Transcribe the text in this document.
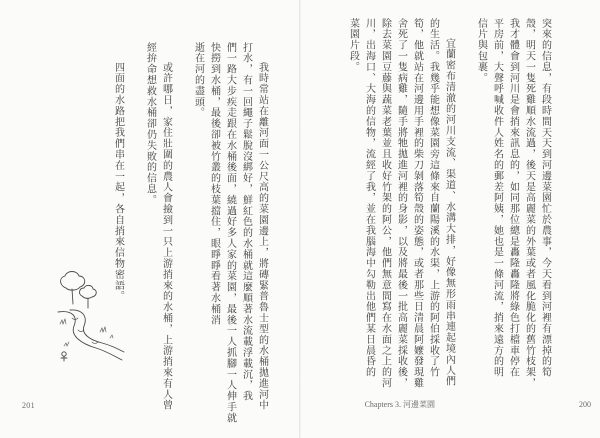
我時常站在離河面一公尺高的菜園邊上，將磚緊普魯士型的水桶拋進河中
打水，有一回繩子鬆脫沒綁好，鮮紅色的水桶就這麼順著水流載浮載沉，我
們一路大步疾走跟在水桶後面，繞過好多人家的菜園，最後一人抓腳一人伸手就
快撈到水桶，最後卻被竹叢的枝葉擋住，眼睜睜看著水桶消
逝在河的盡頭。
或許哪日，家住壯圍的農人會撿到一只上游捎來的水桶，上游捎來有人曾
經拚命想救水桶卻仍失敗的信息。
四面的水路把我們串在一起，各自捎來信物密語。
201
突來的信息，有段時間天天到河邊菜園忙於農事，今天看到河裡有漂掉的筍
殼，明天一隻死雞順水流過，後天是高麗菜的外葉或者風化脆化的舊竹枝架，
我才體會到河川是會捎來訊息的，如同那位總是轟隆轟隆將綠色打檔車停在
平房前，大聲呼喊收件人姓名的郵差阿姨，她也是一條河流，捎來遠方的明
信片與包裹。
宜蘭密布清澈的河川支流、渠道、水溝大排，好像無形雨串連起境內人們
的生活。我幾乎能想像菜園旁這條來自蘭陽溪的水渠，上游的阿伯採收了竹
筍，他就站在河邊用手裡的柴刀剝落筍殼的姿態，或者那些日清晨阿嬤發現雞
舍死了一隻病雞，隨手將牠拋進河裡的身影，以及將最後一批高麗菜採收後，
除去菜園豆藤與蔬菜老葉並且收好竹架的阿公，他們無意間寫在水面之上的河
川，出海口、大海的信物，流經了我，並在我腦海中勾勒出他們某日晨昏的
菜園片段。
Chapters 3. 河邊菜園                  	200
